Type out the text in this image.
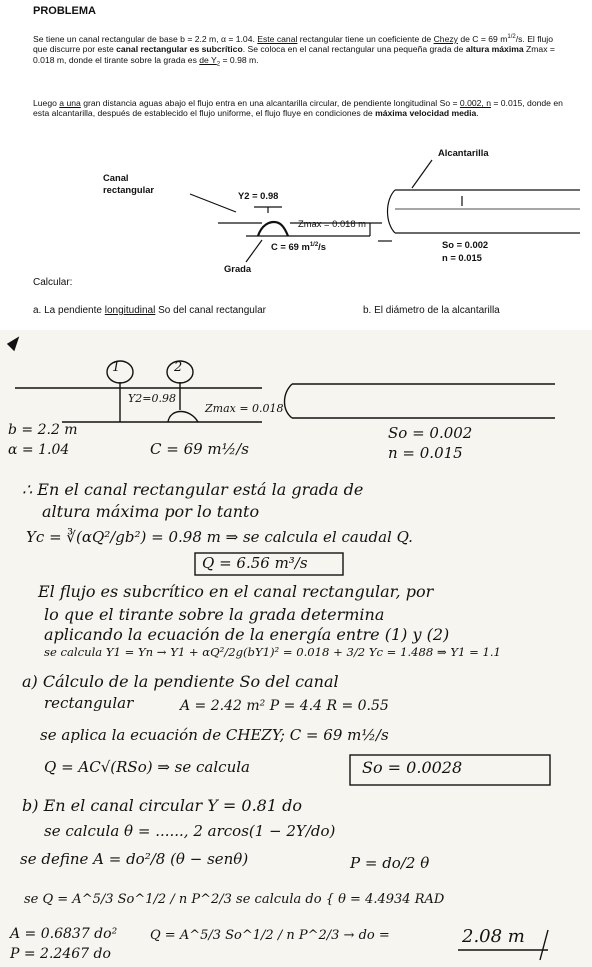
PROBLEMA
Se tiene un canal rectangular de base b = 2.2 m, α = 1.04. Este canal rectangular tiene un coeficiente de Chezy de C = 69 $m^{1/2}/s$. El flujo que discurre por este canal rectangular es subcrítico. Se coloca en el canal rectangular una pequeña grada de altura máxima Zmax = 0.018 m, donde el tirante sobre la grada es de $Y_2 = 0.98$ m.
Luego a una gran distancia aguas abajo el flujo entra en una alcantarilla circular, de pendiente longitudinal So = 0.002, n = 0.015, donde en esta alcantarilla, después de establecido el flujo uniforme, el flujo fluye en condiciones de máxima velocidad media.
Canal
rectangular
Y2 = 0.98
Zmax = 0.018 m
C = 69 $m^{1/2}/s$
Grada
Alcantarilla
So = 0.002
n = 0.015
Calcular:
a. La pendiente longitudinal So del canal rectangular	b. El diámetro de la alcantarilla
1	2
Y2=0.98
Zmax = 0.018
b = 2.2 m
α = 1.04	C = 69 m½/s
So = 0.002
n = 0.015
∴ En el canal rectangular está la grada de
altura máxima por lo tanto
Yc = ∛(αQ²/gb²) = 0.98 m ⇒ se calcula el caudal Q.
Q = 6.56 m³/s
El flujo es subcrítico en el canal rectangular, por
lo que el tirante sobre la grada determina
aplicando la ecuación de la energía entre (1) y (2)
se calcula Y1 = Yn → Y1 + αQ²/2g(bY1)² = 0.018 + 3/2 Yc = 1.488 ⇒ Y1 = 1.1
a) Cálculo de la pendiente So del canal
rectangular	A = 2.42 m² P = 4.4 R = 0.55
se aplica la ecuación de CHEZY; C = 69 m½/s
Q = AC√(RSo) ⇒ se calcula	So = 0.0028
b) En el canal circular Y = 0.81 do
se calcula θ = ......, 2 arcos(1 − 2Y/do)
se define A = do²/8 (θ − senθ)	P = do/2 θ
se Q = A^5/3 So^1/2 / n P^2/3 se calcula do { θ = 4.4934 RAD
A = 0.6837 do²	Q = A^5/3 So^1/2 / n P^2/3 → do =	2.08 m
P = 2.2467 do
